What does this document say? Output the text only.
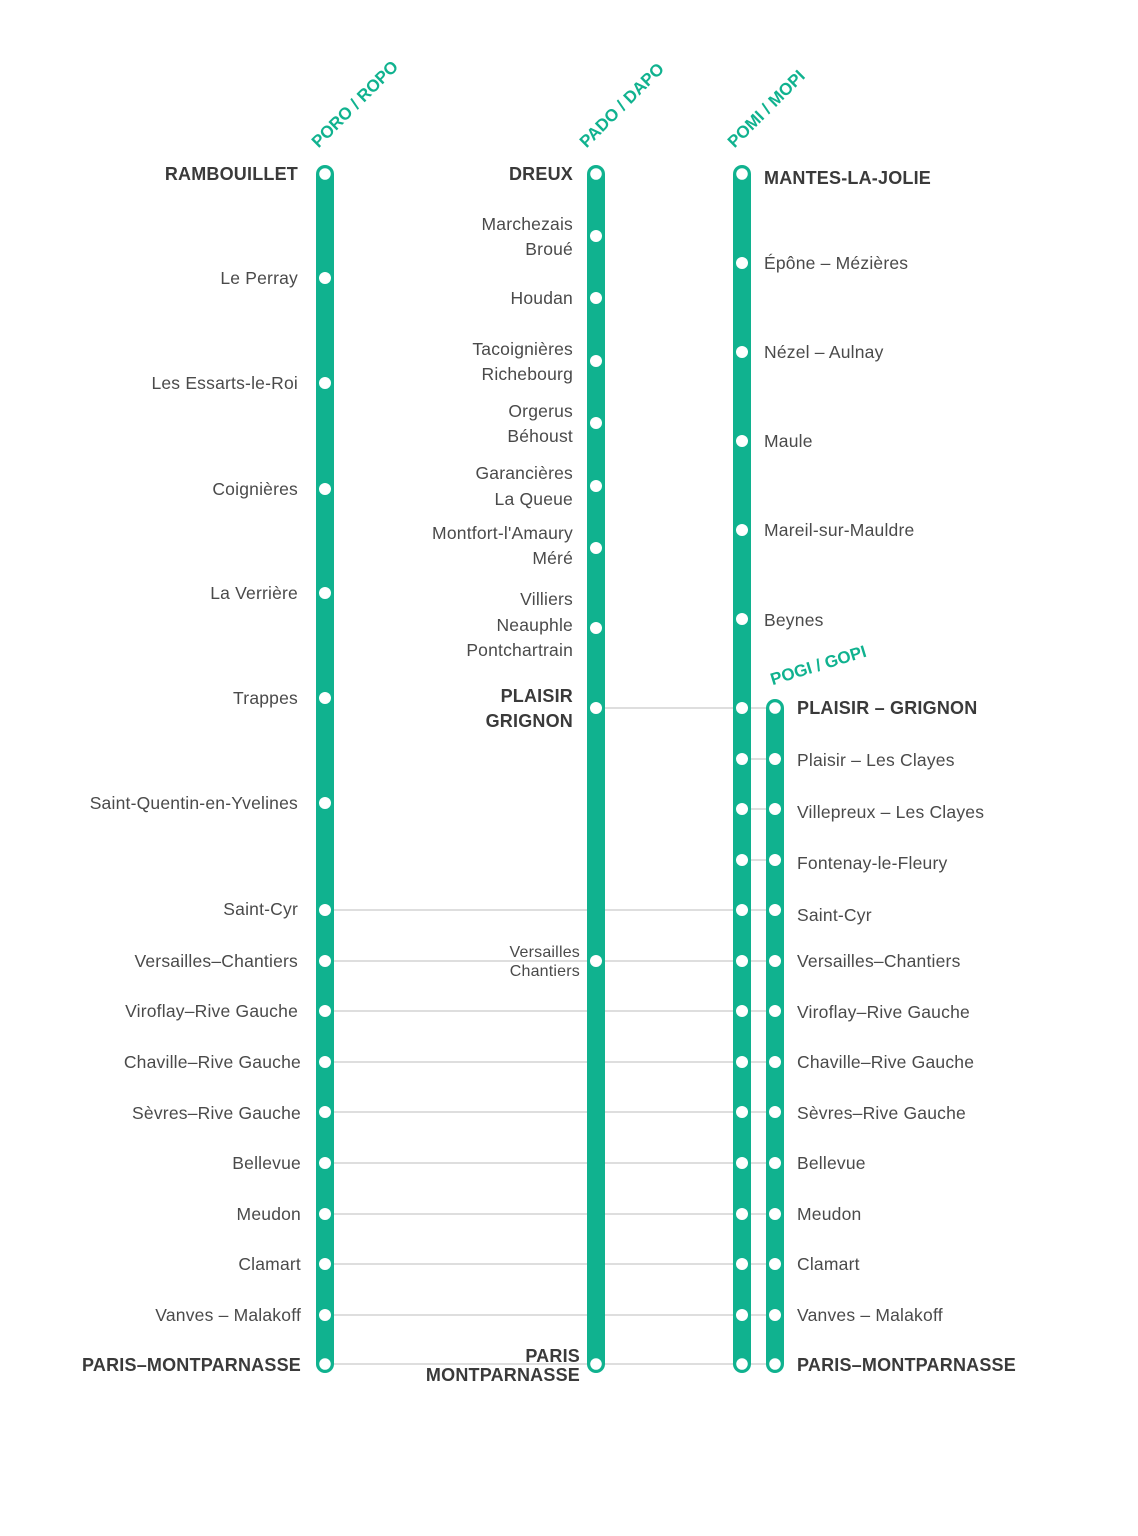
PORO / ROPO	PADO / DAPO	POMI / MOPI
POGI / GOPI
RAMBOUILLET
Le Perray
Les Essarts-le-Roi
Coignières
La Verrière
Trappes
Saint-Quentin-en-Yvelines
Saint-Cyr
Versailles–Chantiers
Viroflay–Rive Gauche
Chaville–Rive Gauche
Sèvres–Rive Gauche
Bellevue
Meudon
Clamart
Vanves – Malakoff
PARIS–MONTPARNASSE
DREUX
Marchezais
Broué
Houdan
Tacoignières
Richebourg
Orgerus
Béhoust
Garancières
La Queue
Montfort-l'Amaury
Méré
Villiers
Neauphle
Pontchartrain
PLAISIR
GRIGNON
Versailles
Chantiers
PARIS
MONTPARNASSE
MANTES-LA-JOLIE
Épône – Mézières
Nézel – Aulnay
Maule
Mareil-sur-Mauldre
Beynes
PLAISIR – GRIGNON
Plaisir – Les Clayes
Villepreux – Les Clayes
Fontenay-le-Fleury
Saint-Cyr
Versailles–Chantiers
Viroflay–Rive Gauche
Chaville–Rive Gauche
Sèvres–Rive Gauche
Bellevue
Meudon
Clamart
Vanves – Malakoff
PARIS–MONTPARNASSE
